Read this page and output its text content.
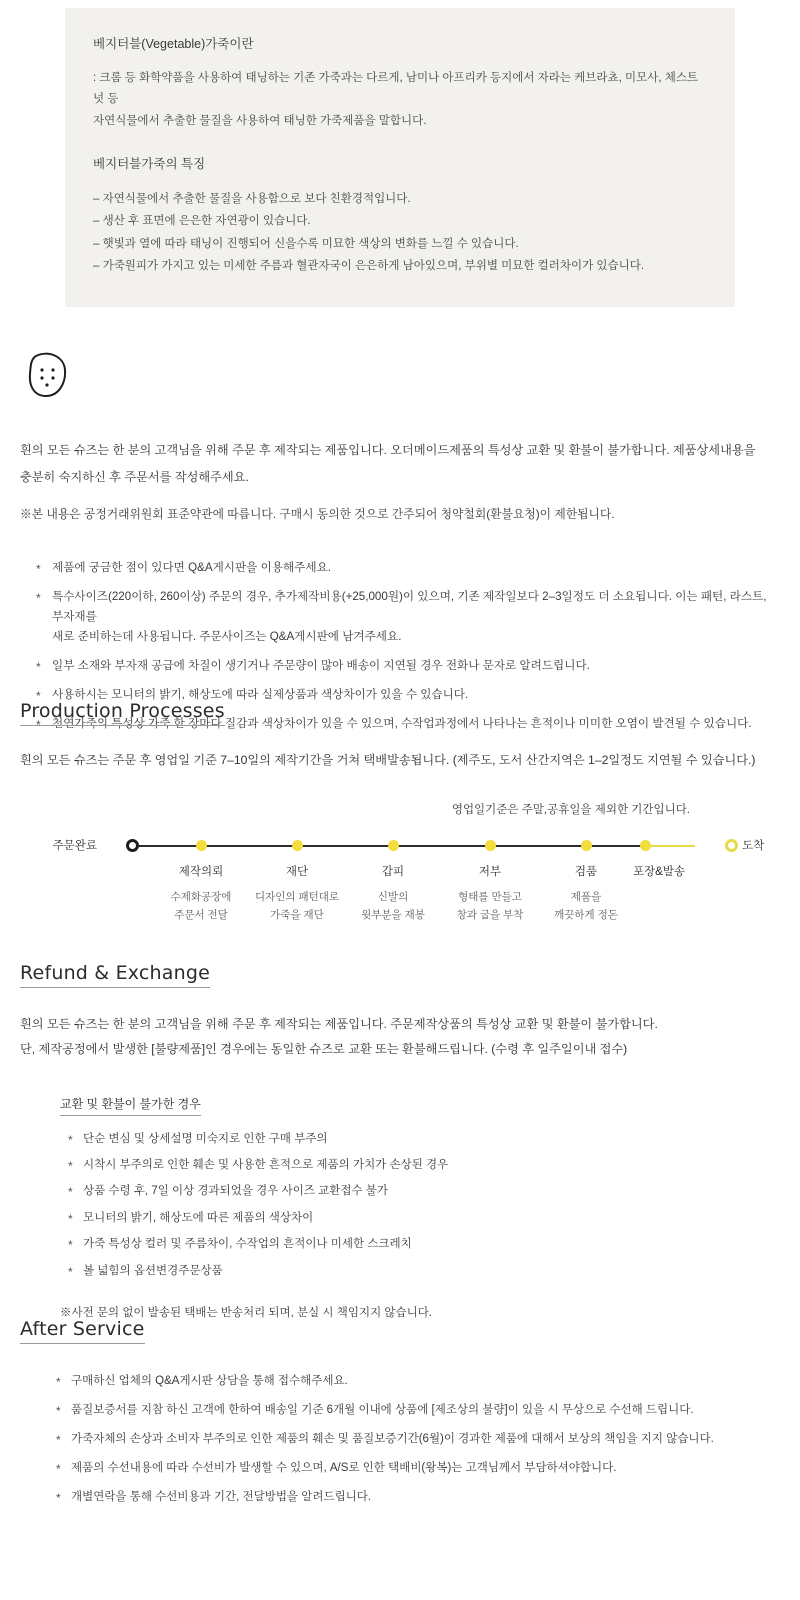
베지터블(Vegetable)가죽이란

: 크롬 등 화학약품을 사용하여 태닝하는 기존 가죽과는 다르게, 남미나 아프리카 등지에서 자라는 케브라쵸, 미모사, 체스트넛 등

자연식물에서 추출한 물질을 사용하여 태닝한 가죽제품을 말합니다.

베지터블가죽의 특징

– 자연식물에서 추출한 물질을 사용함으로 보다 친환경적입니다.
– 생산 후 표면에 은은한 자연광이 있습니다.
– 햇빛과 열에 따라 태닝이 진행되어 신을수록 미묘한 색상의 변화를 느낄 수 있습니다.
– 가죽원피가 가지고 있는 미세한 주름과 혈관자국이 은은하게 남아있으며, 부위별 미묘한 컬러차이가 있습니다.

흰의 모든 슈즈는 한 분의 고객님을 위해 주문 후 제작되는 제품입니다. 오더메이드제품의 특성상 교환 및 환불이 불가합니다. 제품상세내용을

충분히 숙지하신 후 주문서를 작성해주세요.

※본 내용은 공정거래위원회 표준약관에 따릅니다. 구매시 동의한 것으로 간주되어 청약철회(환불요청)이 제한됩니다.

* 제품에 궁금한 점이 있다면 Q&A게시판을 이용해주세요.
* 특수사이즈(220이하, 260이상) 주문의 경우, 추가제작비용(+25,000원)이 있으며, 기존 제작일보다 2–3일정도 더 소요됩니다. 이는 패턴, 라스트, 부자재를
새로 준비하는데 사용됩니다. 주문사이즈는 Q&A게시판에 남겨주세요.
* 일부 소재와 부자재 공급에 차질이 생기거나 주문량이 많아 배송이 지연될 경우 전화나 문자로 알려드립니다.
* 사용하시는 모니터의 밝기, 해상도에 따라 실제상품과 색상차이가 있을 수 있습니다.
* 천연가죽의 특성상 가죽 한 장마다 질감과 색상차이가 있을 수 있으며, 수작업과정에서 나타나는 흔적이나 미미한 오염이 발견될 수 있습니다.
Production Processes

흰의 모든 슈즈는 주문 후 영업일 기준 7–10일의 제작기간을 거쳐 택배발송됩니다. (제주도, 도서 산간지역은 1–2일정도 지연될 수 있습니다.)

영업일기준은 주말,공휴일을 제외한 기간입니다.

주문완료	도착
제작의뢰
수제화공장에
주문서 전달
재단
디자인의 패턴대로
가죽을 재단
갑피
신발의
윗부분을 재봉
저부
형태를 만들고
창과 굽을 부착
검품
제품을
깨끗하게 정돈
포장&발송
Refund & Exchange

흰의 모든 슈즈는 한 분의 고객님을 위해 주문 후 제작되는 제품입니다. 주문제작상품의 특성상 교환 및 환불이 불가합니다.

단, 제작공정에서 발생한 [불량제품]인 경우에는 동일한 슈즈로 교환 또는 환불해드립니다. (수령 후 일주일이내 접수)

교환 및 환불이 불가한 경우
* 단순 변심 및 상세설명 미숙지로 인한 구매 부주의
* 시착시 부주의로 인한 훼손 및 사용한 흔적으로 제품의 가치가 손상된 경우
* 상품 수령 후, 7일 이상 경과되었을 경우 사이즈 교환접수 불가
* 모니터의 밝기, 해상도에 따른 제품의 색상차이
* 가죽 특성상 컬러 및 주름차이, 수작업의 흔적이나 미세한 스크레치
* 볼 넓힘의 옵션변경주문상품

※사전 문의 없이 발송된 택배는 반송처리 되며, 분실 시 책임지지 않습니다.

After Service
* 구매하신 업체의 Q&A게시판 상담을 통해 접수해주세요.
* 품질보증서를 지참 하신 고객에 한하여 배송일 기준 6개월 이내에 상품에 [제조상의 불량]이 있을 시 무상으로 수선해 드립니다.
* 가죽자체의 손상과 소비자 부주의로 인한 제품의 훼손 및 품질보증기간(6월)이 경과한 제품에 대해서 보상의 책임을 지지 않습니다.
* 제품의 수선내용에 따라 수선비가 발생할 수 있으며, A/S로 인한 택배비(왕복)는 고객님께서 부담하셔야합니다.
* 개별연락을 통해 수선비용과 기간, 전달방법을 알려드립니다.
